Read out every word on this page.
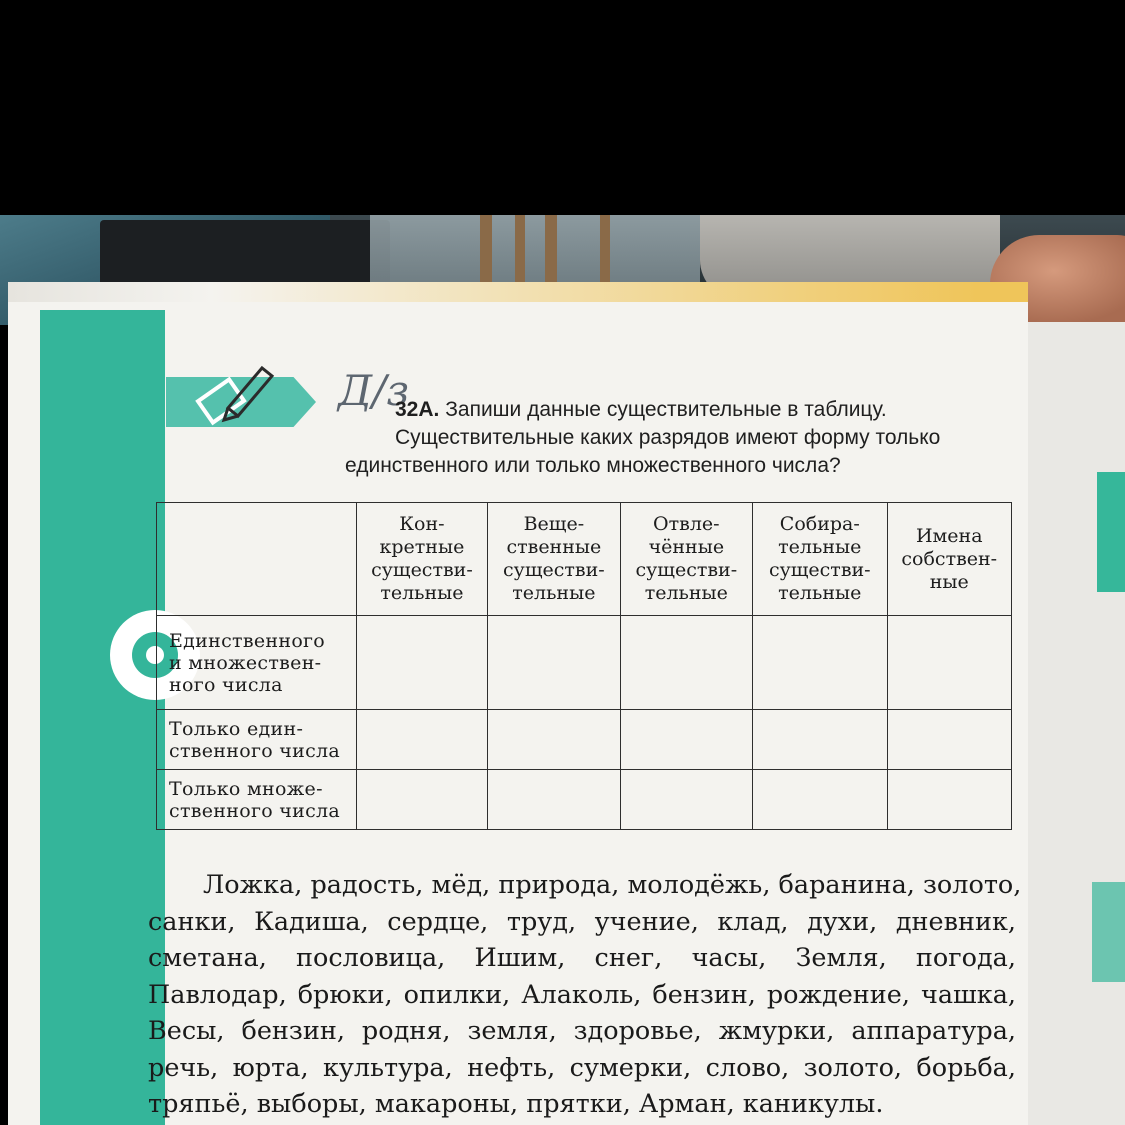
Д/з
32А. Запиши данные существительные в таблицу.
Существительные каких разрядов имеют форму только
единственного или только множественного числа?
	Кон-
кретные
существи-
тельные	Веще-
ственные
существи-
тельные	Отвле-
чённые
существи-
тельные	Собира-
тельные
существи-
тельные	Имена
собствен-
ные
Единственного
и множествен-
ного числа					
Только един-
ственного числа					
Только множе-
ственного числа					
Ложка, радость, мёд, природа, молодёжь, баранина, золото,
санки, Кадиша, сердце, труд, учение, клад, духи, дневник,
сметана, пословица, Ишим, снег, часы, Земля, погода,
Павлодар, брюки, опилки, Алаколь, бензин, рождение, чашка,
Весы, бензин, родня, земля, здоровье, жмурки, аппаратура,
речь, юрта, культура, нефть, сумерки, слово, золото, борьба,
тряпьё, выборы, макароны, прятки, Арман, каникулы.
